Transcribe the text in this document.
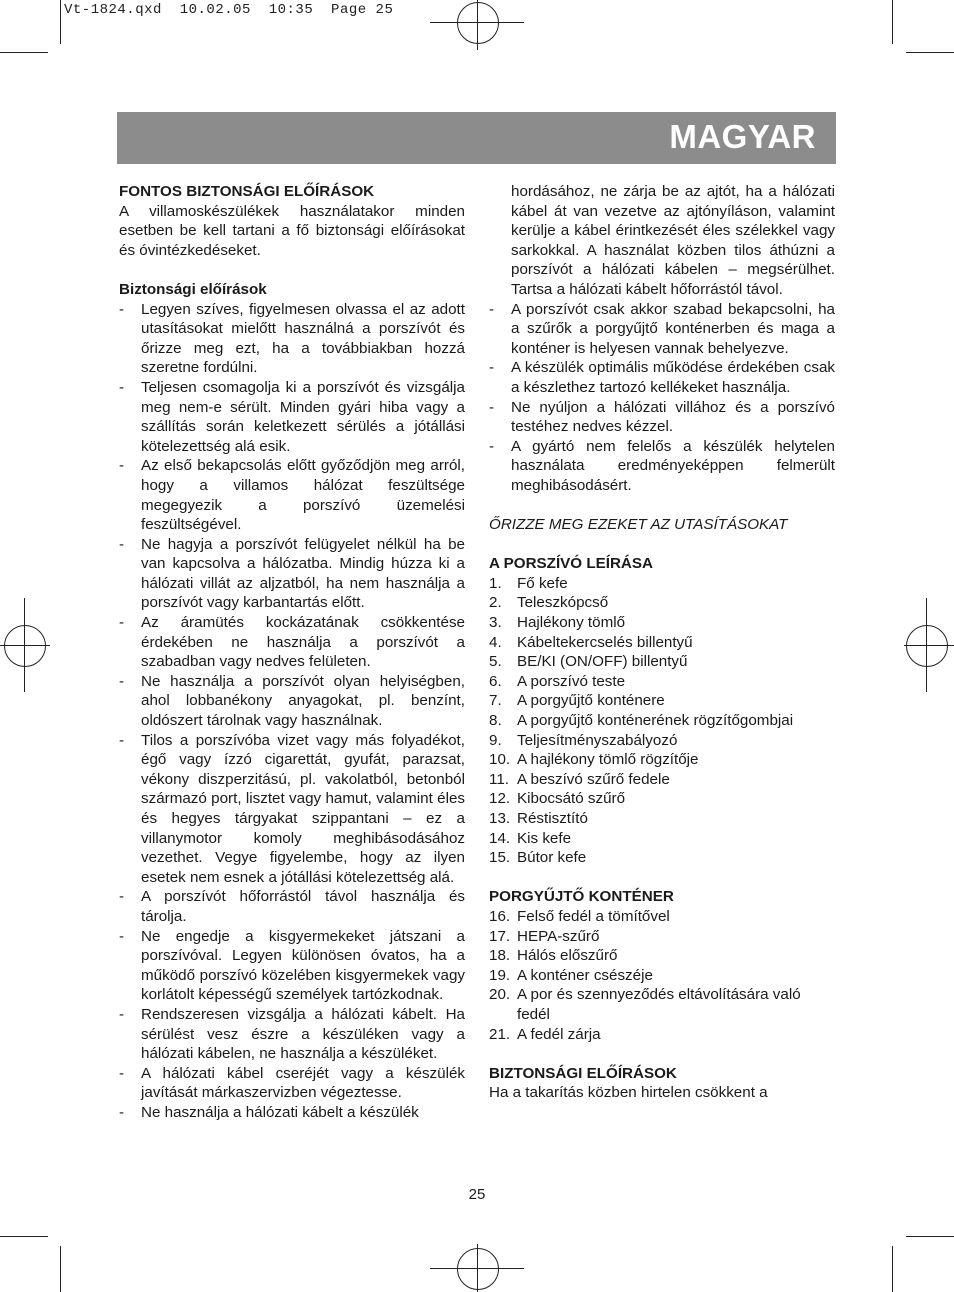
Vt-1824.qxd  10.02.05  10:35  Page 25
MAGYAR
FONTOS BIZTONSÁGI ELŐÍRÁSOK
A villamoskészülékek használatakor minden esetben be kell tartani a fő biztonsági előírásokat és óvintézkedéseket.
Biztonsági előírások
- Legyen szíves, figyelmesen olvassa el az adott utasításokat mielőtt használná a porszívót és őrizze meg ezt, ha a továbbiakban hozzá szeretne fordúlni.
- Teljesen csomagolja ki a porszívót és vizsgálja meg nem-e sérült. Minden gyári hiba vagy a szállítás során keletkezett sérülés a jótállási kötelezettség alá esik.
- Az első bekapcsolás előtt győződjön meg arról, hogy a villamos hálózat feszültsége megegyezik a porszívó üzemelési feszültségével.
- Ne hagyja a porszívót felügyelet nélkül ha be van kapcsolva a hálózatba. Mindig húzza ki a hálózati villát az aljzatból, ha nem használja a porszívót vagy karbantartás előtt.
- Az áramütés kockázatának csökkentése érdekében ne használja a porszívót a szabadban vagy nedves felületen.
- Ne használja a porszívót olyan helyiségben, ahol lobbanékony anyagokat, pl. benzínt, oldószert tárolnak vagy használnak.
- Tilos a porszívóba vizet vagy más folyadékot, égő vagy ízzó cigarettát, gyufát, parazsat, vékony diszperzitású, pl. vakolatból, betonból származó port, lisztet vagy hamut, valamint éles és hegyes tárgyakat szippantani – ez a villanymotor komoly meghibásodásához vezethet. Vegye figyelembe, hogy az ilyen esetek nem esnek a jótállási kötelezettség alá.
- A porszívót hőforrástól távol használja és tárolja.
- Ne engedje a kisgyermekeket játszani a porszívóval. Legyen különösen óvatos, ha a működő porszívó közelében kisgyermekek vagy korlátolt képességű személyek tartózkodnak.
- Rendszeresen vizsgálja a hálózati kábelt. Ha sérülést vesz észre a készüléken vagy a hálózati kábelen, ne használja a készüléket.
- A hálózati kábel cseréjét vagy a készülék javítását márkaszervizben végeztesse.
- Ne használja a hálózati kábelt a készülék
hordásához, ne zárja be az ajtót, ha a hálózati kábel át van vezetve az ajtónyíláson, valamint kerülje a kábel érintkezését éles szélekkel vagy sarkokkal. A használat közben tilos áthúzni a porszívót a hálózati kábelen – megsérülhet. Tartsa a hálózati kábelt hőforrástól távol.
- A porszívót csak akkor szabad bekapcsolni, ha a szűrők a porgyűjtő konténerben és maga a konténer is helyesen vannak behelyezve.
- A készülék optimális működése érdekében csak a készlethez tartozó kellékeket használja.
- Ne nyúljon a hálózati villához és a porszívó testéhez nedves kézzel.
- A gyártó nem felelős a készülék helytelen használata eredményeképpen felmerült meghibásodásért.
ŐRIZZE MEG EZEKET AZ UTASÍTÁSOKAT
A PORSZÍVÓ LEÍRÁSA
1. Fő kefe
2. Teleszkópcső
3. Hajlékony tömlő
4. Kábeltekercselés billentyű
5. BE/KI (ON/OFF) billentyű
6. A porszívó teste
7. A porgyűjtő konténere
8. A porgyűjtő konténerének rögzítőgombjai
9. Teljesítményszabályozó
10. A hajlékony tömlő rögzítője
11. A beszívó szűrő fedele
12. Kibocsátó szűrő
13. Réstisztító
14. Kis kefe
15. Bútor kefe
PORGYŰJTŐ KONTÉNER
16. Felső fedél a tömítővel
17. HEPA-szűrő
18. Hálós előszűrő
19. A konténer csészéje
20. A por és szennyeződés eltávolítására való fedél
21. A fedél zárja
BIZTONSÁGI ELŐÍRÁSOK
Ha a takarítás közben hirtelen csökkent a
25
